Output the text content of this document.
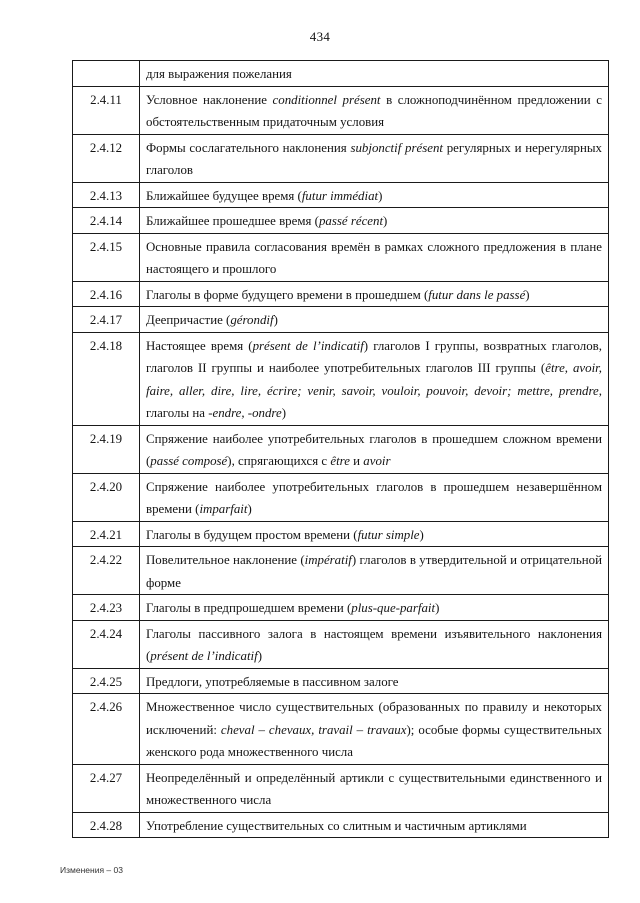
434
	для выражения пожелания
2.4.11	Условное наклонение conditionnel présent в сложноподчинённом предложении с обстоятельственным придаточным условия
2.4.12	Формы сослагательного наклонения subjonctif présent регулярных и нерегулярных глаголов
2.4.13	Ближайшее будущее время (futur immédiat)
2.4.14	Ближайшее прошедшее время (passé récent)
2.4.15	Основные правила согласования времён в рамках сложного предложения в плане настоящего и прошлого
2.4.16	Глаголы в форме будущего времени в прошедшем (futur dans le passé)
2.4.17	Деепричастие (gérondif)
2.4.18	Настоящее время (présent de l’indicatif) глаголов I группы, возвратных глаголов, глаголов II группы и наиболее употребительных глаголов III группы (être, avoir, faire, aller, dire, lire, écrire; venir, savoir, vouloir, pouvoir, devoir; mettre, prendre, глаголы на -endre, -ondre)
2.4.19	Спряжение наиболее употребительных глаголов в прошедшем сложном времени (passé composé), спрягающихся с être и avoir
2.4.20	Спряжение наиболее употребительных глаголов в прошедшем незавершённом времени (imparfait)
2.4.21	Глаголы в будущем простом времени (futur simple)
2.4.22	Повелительное наклонение (impératif) глаголов в утвердительной и отрицательной форме
2.4.23	Глаголы в предпрошедшем времени (plus-que-parfait)
2.4.24	Глаголы пассивного залога в настоящем времени изъявительного наклонения (présent de l’indicatif)
2.4.25	Предлоги, употребляемые в пассивном залоге
2.4.26	Множественное число существительных (образованных по правилу и некоторых исключений: cheval – chevaux, travail – travaux); особые формы существительных женского рода множественного числа
2.4.27	Неопределённый и определённый артикли с существительными единственного и множественного числа
2.4.28	Употребление существительных со слитным и частичным артиклями
Изменения – 03
